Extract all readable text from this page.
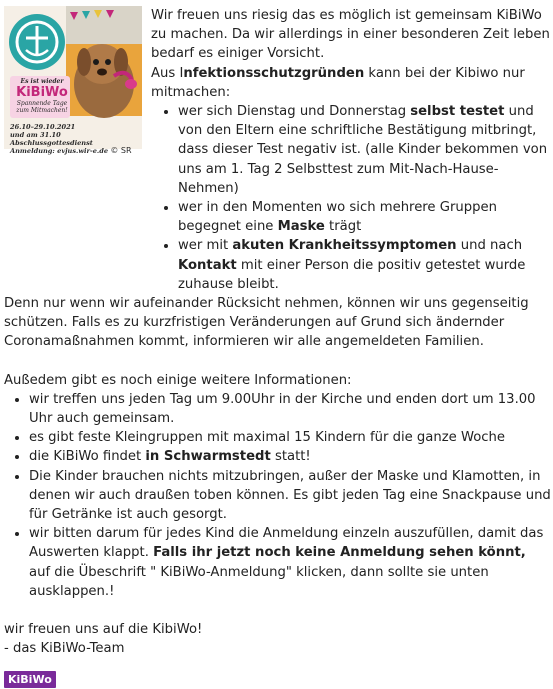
Es ist wieder
KiBiWo
Spannende Tage zum Mitmachen!
26.10–29.10.2021
und am 31.10 Abschlussgottesdienst
Anmeldung: evjus.wir-e.de © SR

Wir freuen uns riesig das es möglich ist gemeinsam KiBiWo zu machen. Da wir allerdings in einer besonderen Zeit leben bedarf es einiger Vorsicht.

Aus Infektionsschutzgründen kann bei der Kibiwo nur mitmachen:

• wer sich Dienstag und Donnerstag selbst testet und von den Eltern eine schriftliche Bestätigung mitbringt, dass dieser Test negativ ist. (alle Kinder bekommen von uns am 1. Tag 2 Selbsttest zum Mit-Nach-Hause-Nehmen)
• wer in den Momenten wo sich mehrere Gruppen begegnet eine Maske trägt
• wer mit akuten Krankheitssymptomen und nach Kontakt mit einer Person die positiv getestet wurde zuhause bleibt.

Denn nur wenn wir aufeinander Rücksicht nehmen, können wir uns gegenseitig schützen. Falls es zu kurzfristigen Veränderungen auf Grund sich ändernder Coronamaßnahmen kommt, informieren wir alle angemeldeten Familien.

Außedem gibt es noch einige weitere Informationen:

• wir treffen uns jeden Tag um 9.00Uhr in der Kirche und enden dort um 13.00 Uhr auch gemeinsam.
• es gibt feste Kleingruppen mit maximal 15 Kindern für die ganze Woche
• die KiBiWo findet in Schwarmstedt statt!
• Die Kinder brauchen nichts mitzubringen, außer der Maske und Klamotten, in denen wir auch draußen toben können. Es gibt jeden Tag eine Snackpause und für Getränke ist auch gesorgt.
• wir bitten darum für jedes Kind die Anmeldung einzeln auszufüllen, damit das Auswerten klappt. Falls ihr jetzt noch keine Anmeldung sehen könnt, auf die Übeschrift " KiBiWo-Anmeldung" klicken, dann sollte sie unten ausklappen.!

wir freuen uns auf die KibiWo!

- das KiBiWo-Team

KiBiWo
